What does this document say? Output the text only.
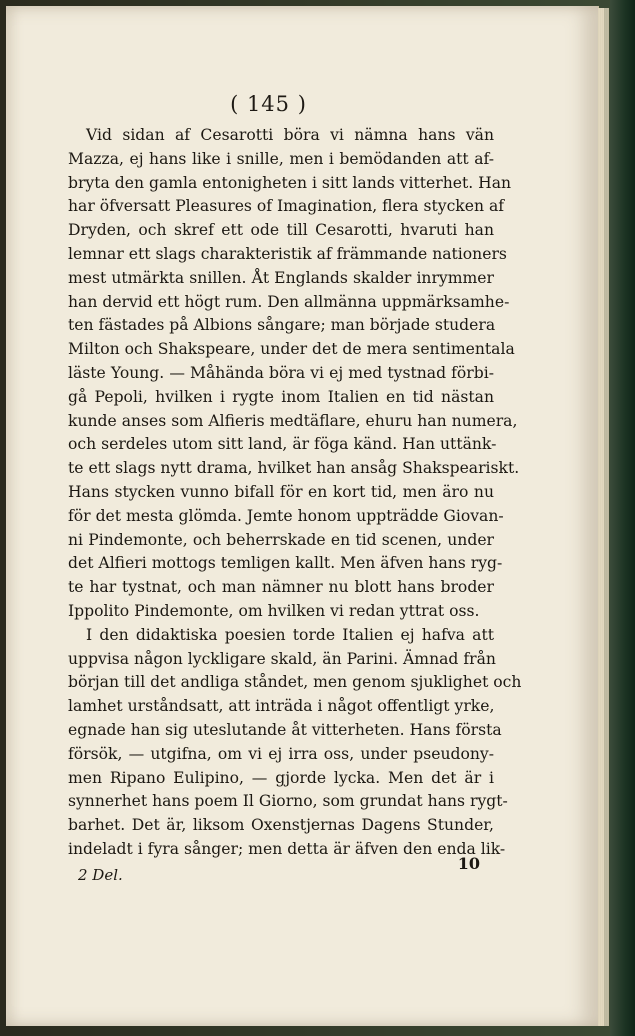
( 145 )
Vid sidan af Cesarotti böra vi nämna hans vän
Mazza, ej hans like i snille, men i bemödanden att af-
bryta den gamla entonigheten i sitt lands vitterhet. Han
har öfversatt Pleasures of Imagination, flera stycken af
Dryden, och skref ett ode till Cesarotti, hvaruti han
lemnar ett slags charakteristik af främmande nationers
mest utmärkta snillen. Åt Englands skalder inrymmer
han dervid ett högt rum. Den allmänna uppmärksamhe-
ten fästades på Albions sångare; man började studera
Milton och Shakspeare, under det de mera sentimentala
läste Young. — Måhända böra vi ej med tystnad förbi-
gå Pepoli, hvilken i rygte inom Italien en tid nästan
kunde anses som Alfieris medtäflare, ehuru han numera,
och serdeles utom sitt land, är föga känd. Han uttänk-
te ett slags nytt drama, hvilket han ansåg Shakspeariskt.
Hans stycken vunno bifall för en kort tid, men äro nu
för det mesta glömda. Jemte honom uppträdde Giovan-
ni Pindemonte, och beherrskade en tid scenen, under
det Alfieri mottogs temligen kallt. Men äfven hans ryg-
te har tystnat, och man nämner nu blott hans broder
Ippolito Pindemonte, om hvilken vi redan yttrat oss.
I den didaktiska poesien torde Italien ej hafva att
uppvisa någon lyckligare skald, än Parini. Ämnad från
början till det andliga ståndet, men genom sjuklighet och
lamhet urståndsatt, att inträda i något offentligt yrke,
egnade han sig uteslutande åt vitterheten. Hans första
försök, — utgifna, om vi ej irra oss, under pseudony-
men Ripano Eulipino, — gjorde lycka. Men det är i
synnerhet hans poem Il Giorno, som grundat hans rygt-
barhet. Det är, liksom Oxenstjernas Dagens Stunder,
indeladt i fyra sånger; men detta är äfven den enda lik-
2 Del.
10
